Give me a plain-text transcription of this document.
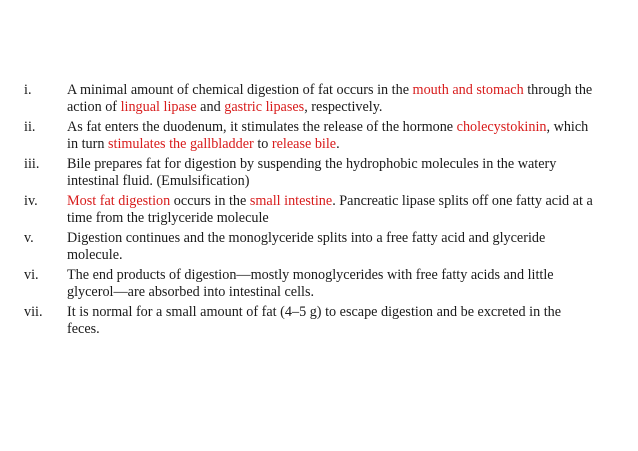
i.	A minimal amount of chemical digestion of fat occurs in the mouth and stomach through the action of lingual lipase and gastric lipases, respectively.
ii.	As fat enters the duodenum, it stimulates the release of the hormone cholecystokinin, which in turn stimulates the gallbladder to release bile.
iii.	Bile prepares fat for digestion by suspending the hydrophobic molecules in the watery intestinal fluid. (Emulsification)
iv.	Most fat digestion occurs in the small intestine. Pancreatic lipase splits off one fatty acid at a time from the triglyceride molecule
v.	Digestion continues and the monoglyceride splits into a free fatty acid and glyceride molecule.
vi.	The end products of digestion—mostly monoglycerides with free fatty acids and little glycerol—are absorbed into intestinal cells.
vii.	It is normal for a small amount of fat (4–5 g) to escape digestion and be excreted in the feces.
